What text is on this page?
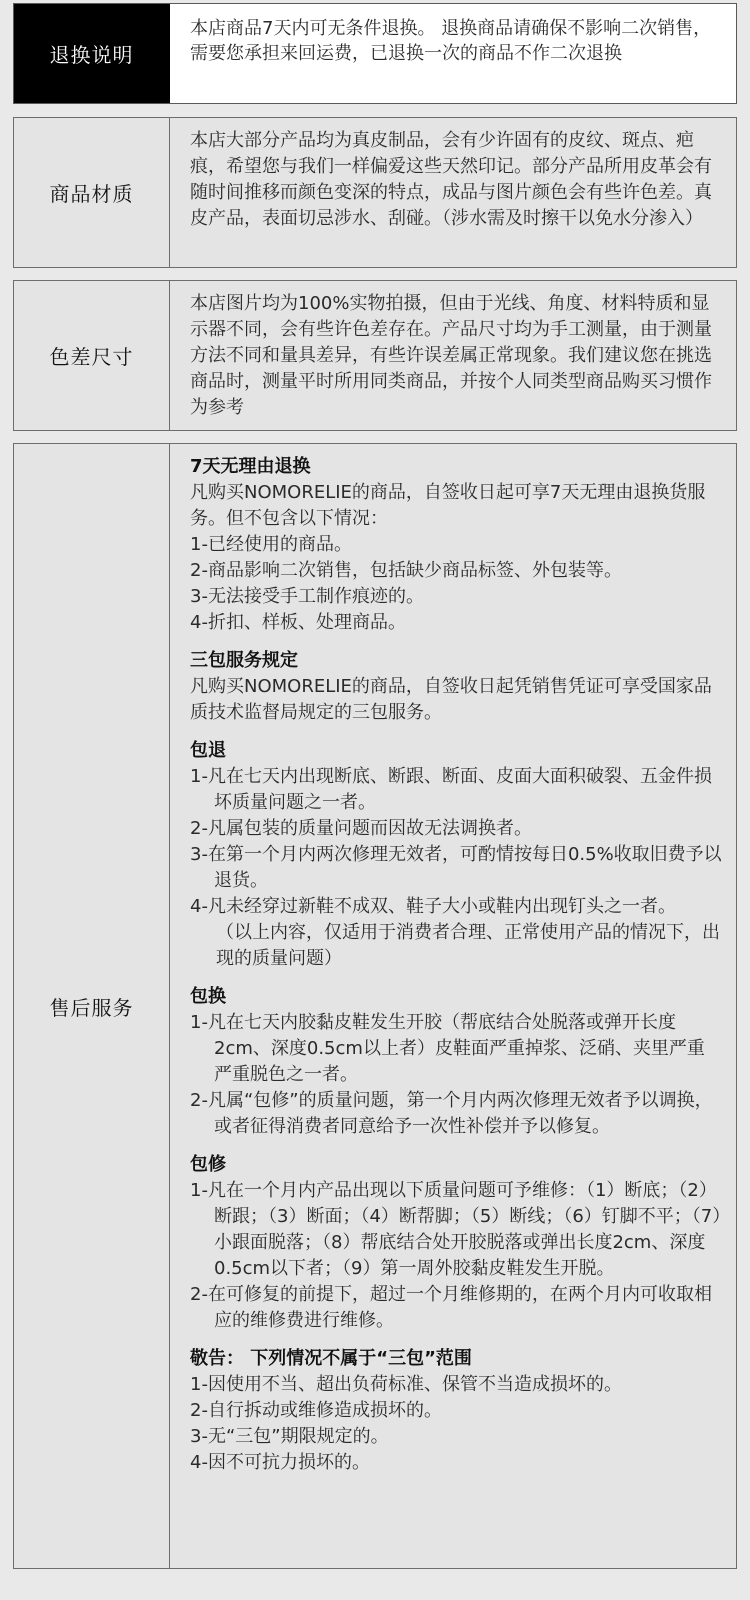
退换说明
本店商品7天内可无条件退换。 退换商品请确保不影响二次销售，需要您承担来回运费，已退换一次的商品不作二次退换
商品材质
本店大部分产品均为真皮制品，会有少许固有的皮纹、斑点、疤痕，希望您与我们一样偏爱这些天然印记。部分产品所用皮革会有随时间推移而颜色变深的特点，成品与图片颜色会有些许色差。真皮产品，表面切忌涉水、刮碰。（涉水需及时擦干以免水分渗入）
色差尺寸
本店图片均为100%实物拍摄，但由于光线、角度、材料特质和显示器不同，会有些许色差存在。产品尺寸均为手工测量，由于测量方法不同和量具差异，有些许误差属正常现象。我们建议您在挑选商品时，测量平时所用同类商品，并按个人同类型商品购买习惯作为参考
售后服务
7天无理由退换
凡购买NOMORELIE的商品，自签收日起可享7天无理由退换货服务。但不包含以下情况：
1-已经使用的商品。
2-商品影响二次销售，包括缺少商品标签、外包装等。
3-无法接受手工制作痕迹的。
4-折扣、样板、处理商品。
三包服务规定
凡购买NOMORELIE的商品，自签收日起凭销售凭证可享受国家品质技术监督局规定的三包服务。
包退
1-凡在七天内出现断底、断跟、断面、皮面大面积破裂、五金件损坏质量问题之一者。
2-凡属包装的质量问题而因故无法调换者。
3-在第一个月内两次修理无效者，可酌情按每日0.5%收取旧费予以退货。
4-凡未经穿过新鞋不成双、鞋子大小或鞋内出现钉头之一者。
（以上内容，仅适用于消费者合理、正常使用产品的情况下，出现的质量问题）
包换
1-凡在七天内胶黏皮鞋发生开胶（帮底结合处脱落或弹开长度2cm、深度0.5cm以上者）皮鞋面严重掉浆、泛硝、夹里严重严重脱色之一者。
2-凡属“包修”的质量问题，第一个月内两次修理无效者予以调换，或者征得消费者同意给予一次性补偿并予以修复。
包修
1-凡在一个月内产品出现以下质量问题可予维修：（1）断底；（2）断跟；（3）断面；（4）断帮脚；（5）断线；（6）钉脚不平；（7）小跟面脱落；（8）帮底结合处开胶脱落或弹出长度2cm、深度0.5cm以下者；（9）第一周外胶黏皮鞋发生开脱。
2-在可修复的前提下，超过一个月维修期的，在两个月内可收取相应的维修费进行维修。
敬告： 下列情况不属于“三包”范围
1-因使用不当、超出负荷标准、保管不当造成损坏的。
2-自行拆动或维修造成损坏的。
3-无“三包”期限规定的。
4-因不可抗力损坏的。
